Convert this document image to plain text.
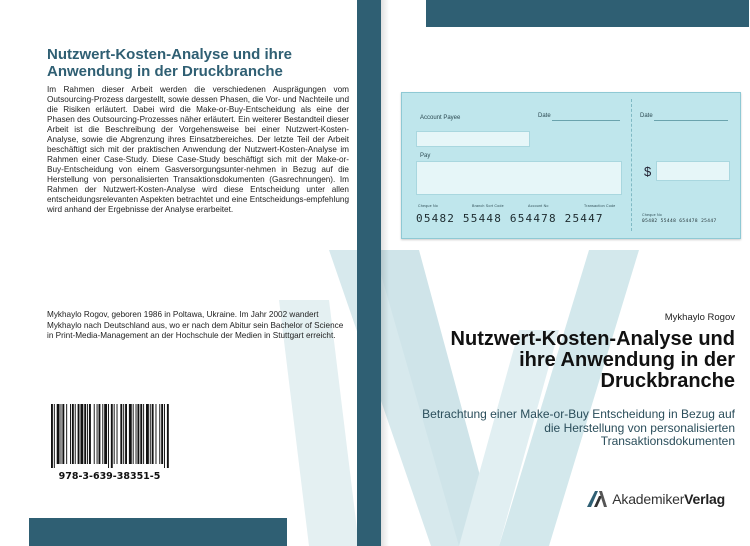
Nutzwert-Kosten-Analyse und ihre Anwendung in der Druckbranche
Im Rahmen dieser Arbeit werden die verschiedenen Ausprägungen vom Outsourcing-Prozess dargestellt, sowie dessen Phasen, die Vor- und Nachteile und die Risiken erläutert. Dabei wird die Make-or-Buy-Entscheidung als eine der Phasen des Outsourcing-Prozesses näher erläutert. Ein weiterer Bestandteil dieser Arbeit ist die Beschreibung der Vorgehensweise bei einer Nutzwert-Kosten-Analyse, sowie die Abgrenzung ihres Einsatzbereiches. Der letzte Teil der Arbeit beschäftigt sich mit der praktischen Anwendung der Nutzwert-Kosten-Analyse im Rahmen einer Case-Study. Diese Case-Study beschäftigt sich mit der Make-or-Buy-Entscheidung von einem Gasversorgungsunter-nehmen in Bezug auf die Herstellung von personalisierten Transaktionsdokumenten (Gasrechnungen). Im Rahmen der Nutzwert-Kosten-Analyse wird diese Entscheidung unter allen entscheidungsrelevanten Aspekten betrachtet und eine Entscheidungs-empfehlung wird anhand der Ergebnisse der Analyse erarbeitet.
Mykhaylo Rogov, geboren 1986 in Poltawa, Ukraine. Im Jahr 2002 wandert Mykhaylo nach Deutschland aus, wo er nach dem Abitur sein Bachelor of Science in Print-Media-Management an der Hochschule der Medien in Stuttgart erreicht.
978-3-639-38351-5
Account Payee	Date
Pay
$
Date
Cheque No	Branch Sort Code	Account No	Transaction Code
05482 55448 654478 25447	Cheque No
05482 55448 654478 25447
Mykhaylo Rogov
Nutzwert-Kosten-Analyse und ihre Anwendung in der Druckbranche
Betrachtung einer Make-or-Buy Entscheidung in Bezug auf die Herstellung von personalisierten Transaktionsdokumenten
AkademikerVerlag
